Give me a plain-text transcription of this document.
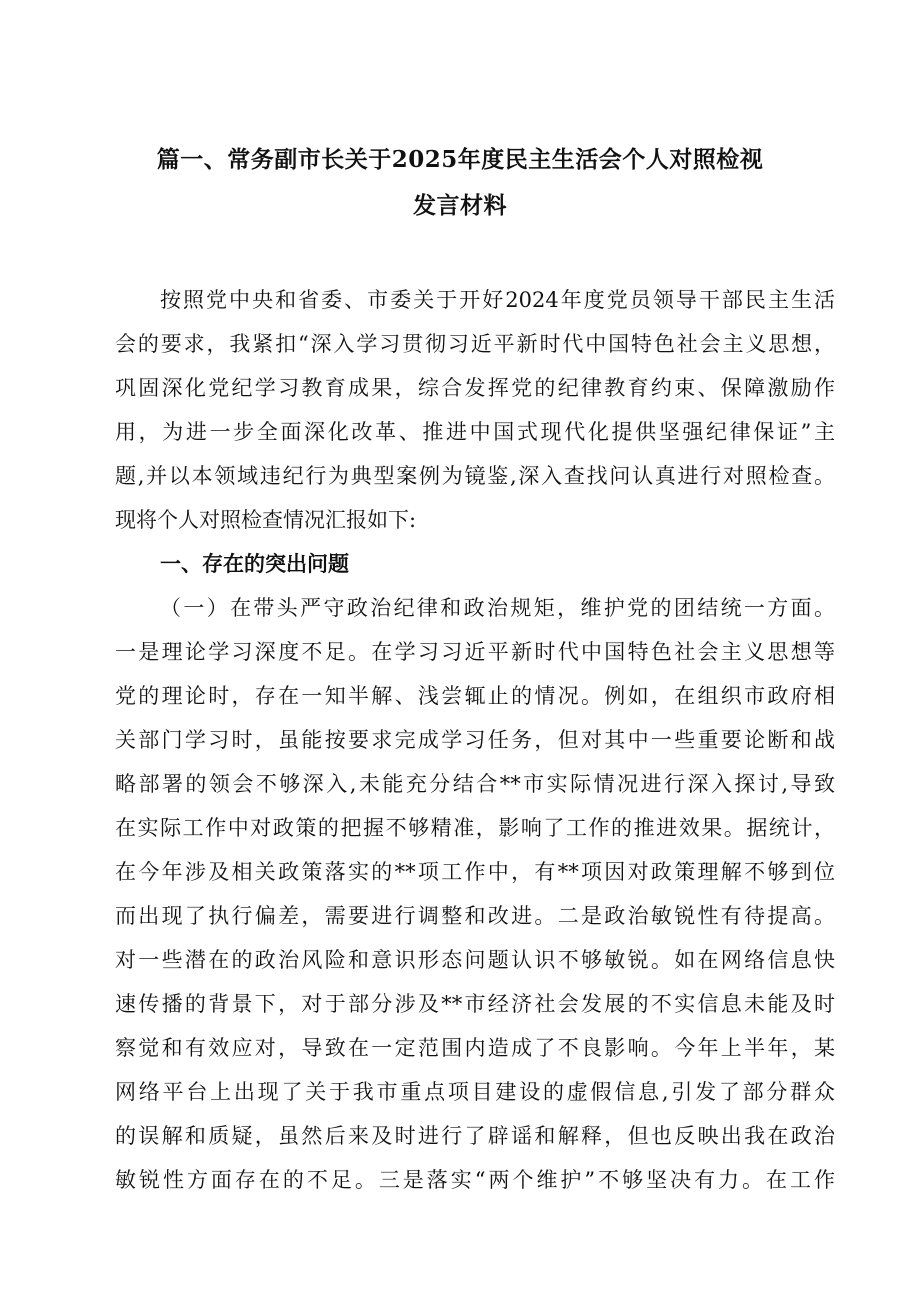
篇一、常务副市长关于2025年度民主生活会个人对照检视
发言材料
按照党中央和省委、市委关于开好2024年度党员领导干部民主生活
会的要求，我紧扣“深入学习贯彻习近平新时代中国特色社会主义思想，
巩固深化党纪学习教育成果，综合发挥党的纪律教育约束、保障激励作
用，为进一步全面深化改革、推进中国式现代化提供坚强纪律保证”主
题,并以本领域违纪行为典型案例为镜鉴,深入查找问认真进行对照检查。
现将个人对照检查情况汇报如下:
一、存在的突出问题
（一）在带头严守政治纪律和政治规矩，维护党的团结统一方面。
一是理论学习深度不足。在学习习近平新时代中国特色社会主义思想等
党的理论时，存在一知半解、浅尝辄止的情况。例如，在组织市政府相
关部门学习时，虽能按要求完成学习任务，但对其中一些重要论断和战
略部署的领会不够深入,未能充分结合**市实际情况进行深入探讨,导致
在实际工作中对政策的把握不够精准，影响了工作的推进效果。据统计，
在今年涉及相关政策落实的**项工作中，有**项因对政策理解不够到位
而出现了执行偏差，需要进行调整和改进。二是政治敏锐性有待提高。
对一些潜在的政治风险和意识形态问题认识不够敏锐。如在网络信息快
速传播的背景下，对于部分涉及**市经济社会发展的不实信息未能及时
察觉和有效应对，导致在一定范围内造成了不良影响。今年上半年，某
网络平台上出现了关于我市重点项目建设的虚假信息,引发了部分群众
的误解和质疑，虽然后来及时进行了辟谣和解释，但也反映出我在政治
敏锐性方面存在的不足。三是落实“两个维护”不够坚决有力。在工作
